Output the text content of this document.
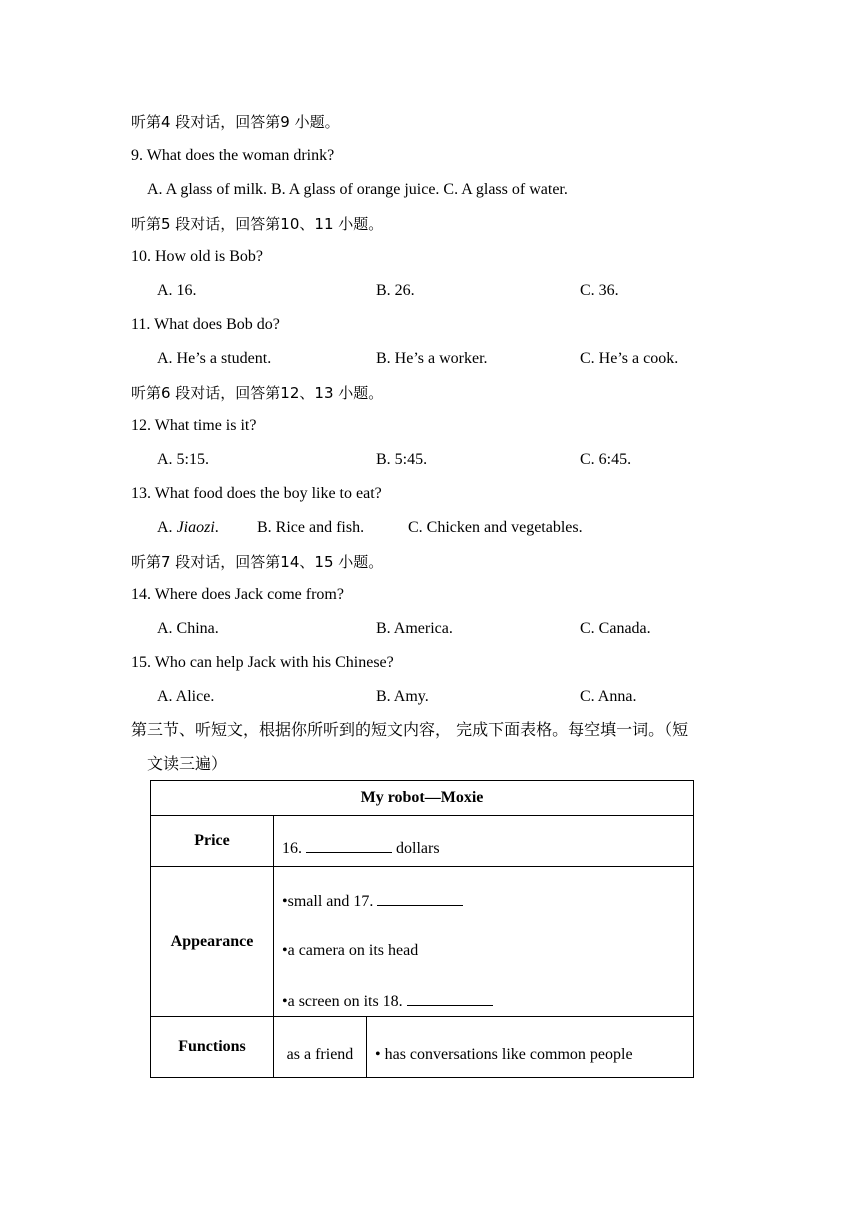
听第4 段对话，回答第9 小题。
9. What does the woman drink?
A. A glass of milk. B. A glass of orange juice. C. A glass of water.
听第5 段对话，回答第10、11 小题。
10. How old is Bob?
A. 16.	B. 26.	C. 36.
11. What does Bob do?
A. He’s a student.	B. He’s a worker.	C. He’s a cook.
听第6 段对话，回答第12、13 小题。
12. What time is it?
A. 5:15.	B. 5:45.	C. 6:45.
13. What food does the boy like to eat?
A. Jiaozi. B. Rice and fish.	C. Chicken and vegetables.
听第7 段对话，回答第14、15 小题。
14. Where does Jack come from?
A. China.	B. America.	C. Canada.
15. Who can help Jack with his Chinese?
A. Alice.	B. Amy.	C. Anna.
第三节、听短文，根据你所听到的短文内容， 完成下面表格。每空填一词。（短
文读三遍）
My robot—Moxie		
Price	16. dollars	
Appearance	•small and 17.
•a camera on its head
•a screen on its 18.	

Functions	as a friend	• has conversations like common people
